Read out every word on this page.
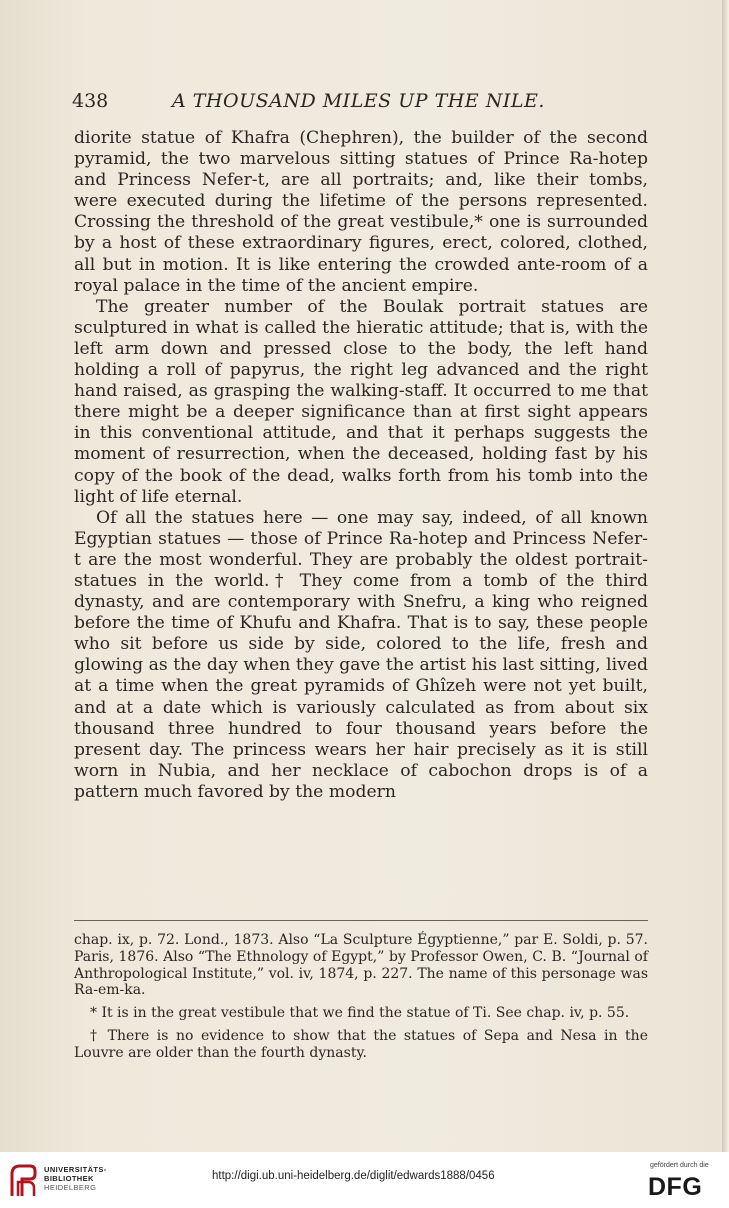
438	A THOUSAND MILES UP THE NILE.

diorite statue of Khafra (Chephren), the builder of the second pyramid, the two marvelous sitting statues of Prince Ra-hotep and Princess Nefer-t, are all portraits; and, like their tombs, were executed during the lifetime of the persons represented. Crossing the threshold of the great vestibule,* one is surrounded by a host of these extraordinary figures, erect, colored, clothed, all but in motion. It is like entering the crowded ante-room of a royal palace in the time of the ancient empire.

The greater number of the Boulak portrait statues are sculptured in what is called the hieratic attitude; that is, with the left arm down and pressed close to the body, the left hand holding a roll of papyrus, the right leg advanced and the right hand raised, as grasping the walking-staff. It occurred to me that there might be a deeper significance than at first sight appears in this conventional attitude, and that it perhaps suggests the moment of resurrection, when the deceased, holding fast by his copy of the book of the dead, walks forth from his tomb into the light of life eternal.

Of all the statues here — one may say, indeed, of all known Egyptian statues — those of Prince Ra-hotep and Princess Nefer-t are the most wonderful. They are probably the oldest portrait-statues in the world.† They come from a tomb of the third dynasty, and are contemporary with Snefru, a king who reigned before the time of Khufu and Khafra. That is to say, these people who sit before us side by side, colored to the life, fresh and glowing as the day when they gave the artist his last sitting, lived at a time when the great pyramids of Ghîzeh were not yet built, and at a date which is variously calculated as from about six thousand three hundred to four thousand years before the present day. The princess wears her hair precisely as it is still worn in Nubia, and her necklace of cabochon drops is of a pattern much favored by the modern

chap. ix, p. 72. Lond., 1873. Also “La Sculpture Égyptienne,” par E. Soldi, p. 57. Paris, 1876. Also “The Ethnology of Egypt,” by Professor Owen, C. B. “Journal of Anthropological Institute,” vol. iv, 1874, p. 227. The name of this personage was Ra-em-ka.

* It is in the great vestibule that we find the statue of Ti. See chap. iv, p. 55.

† There is no evidence to show that the statues of Sepa and Nesa in the Louvre are older than the fourth dynasty.

UNIVERSITÄTS-
BIBLIOTHEK
HEIDELBERG
http://digi.ub.uni-heidelberg.de/diglit/edwards1888/0456
gefördert durch die
DFG
